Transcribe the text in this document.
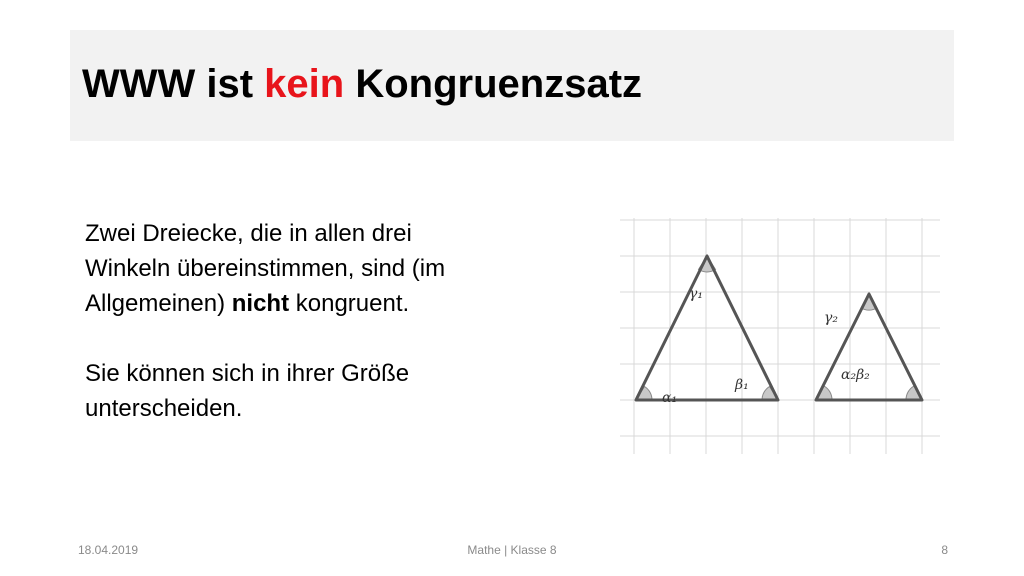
WWW ist kein Kongruenzsatz

Zwei Dreiecke, die in allen drei

Winkeln übereinstimmen, sind (im

Allgemeinen) nicht kongruent.

Sie können sich in ihrer Größe

unterscheiden.

γ₁
α₁
β₁
γ₂
α₂β₂
18.04.2019	Mathe | Klasse 8	8
